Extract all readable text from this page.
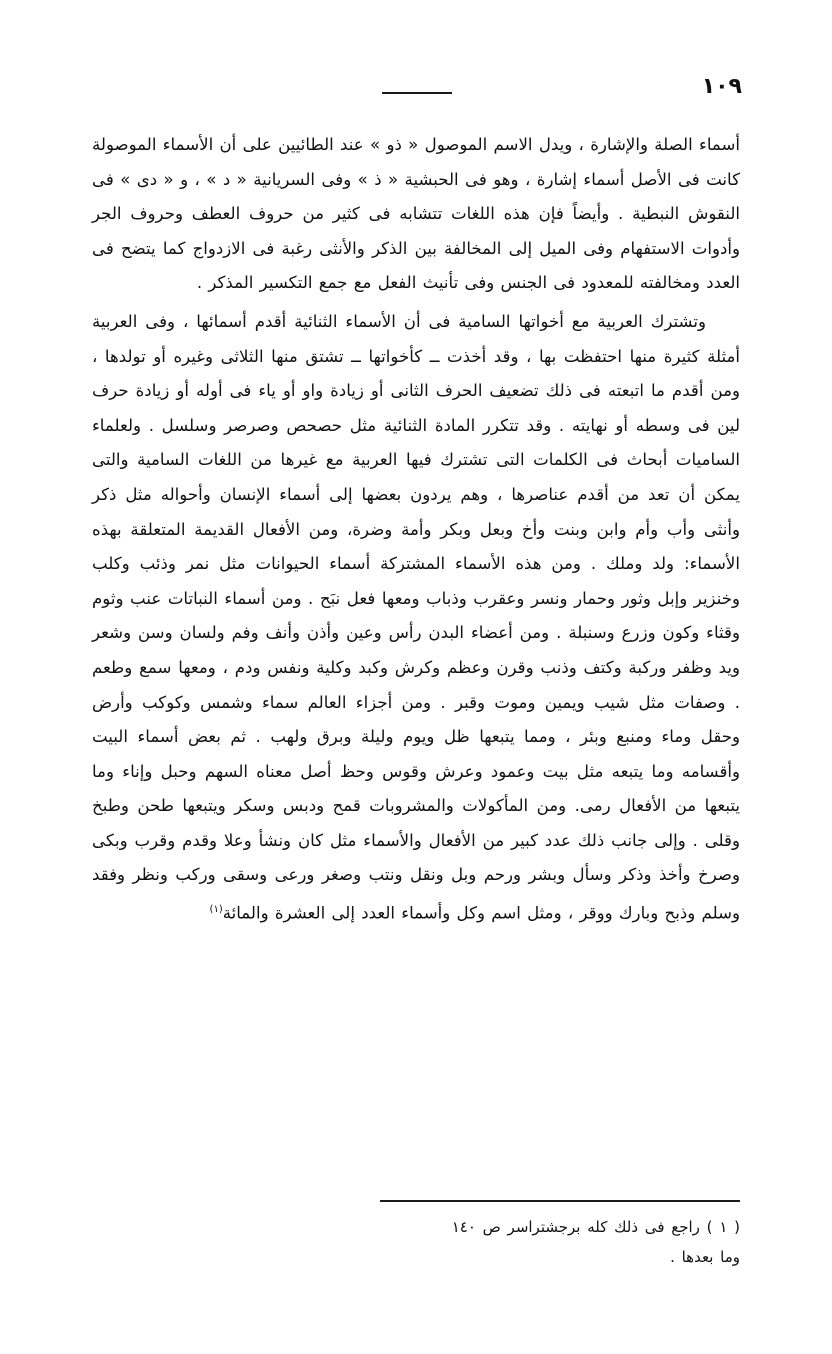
١٠٩

أسماء الصلة والإشارة ، ويدل الاسم الموصول « ذو » عند الطائيين على أن الأسماء الموصولة كانت فى الأصل أسماء إشارة ، وهو فى الحبشية « ذ » وفى السريانية « د » ، و « دى » فى النقوش النبطية . وأيضاً فإن هذه اللغات تتشابه فى كثير من حروف العطف وحروف الجر وأدوات الاستفهام وفى الميل إلى المخالفة بين الذكر والأنثى رغبة فى الازدواج كما يتضح فى العدد ومخالفته للمعدود فى الجنس وفى تأنيث الفعل مع جمع التكسير المذكر .

وتشترك العربية مع أخواتها السامية فى أن الأسماء الثنائية أقدم أسمائها ، وفى العربية أمثلة كثيرة منها احتفظت بها ، وقد أخذت ــ كأخواتها ــ تشتق منها الثلاثى وغيره أو تولدها ، ومن أقدم ما اتبعته فى ذلك تضعيف الحرف الثانى أو زيادة واو أو ياء فى أوله أو زيادة حرف لين فى وسطه أو نهايته . وقد تتكرر المادة الثنائية مثل حصحص وصرصر وسلسل . ولعلماء الساميات أبحاث فى الكلمات التى تشترك فيها العربية مع غيرها من اللغات السامية والتى يمكن أن تعد من أقدم عناصرها ، وهم يردون بعضها إلى أسماء الإنسان وأحواله مثل ذكر وأنثى وأب وأم وابن وبنت وأخ وبعل وبكر وأمة وضرة، ومن الأفعال القديمة المتعلقة بهذه الأسماء: ولد وملك . ومن هذه الأسماء المشتركة أسماء الحيوانات مثل نمر وذئب وكلب وخنزير وإبل وثور وحمار ونسر وعقرب وذباب ومعها فعل نبَح . ومن أسماء النباتات عنب وثوم وقثاء وكون وزرع وسنبلة . ومن أعضاء البدن رأس وعين وأذن وأنف وفم ولسان وسن وشعر ويد وظفر وركبة وكتف وذنب وقرن وعظم وكرش وكبد وكلية ونفس ودم ، ومعها سمع وطعم . وصفات مثل شيب ويمين وموت وقبر . ومن أجزاء العالم سماء وشمس وكوكب وأرض وحقل وماء ومنبع وبئر ، ومما يتبعها ظل ويوم وليلة وبرق ولهب . ثم بعض أسماء البيت وأقسامه وما يتبعه مثل بيت وعمود وعرش وقوس وحظ أصل معناه السهم وحبل وإناء وما يتبعها من الأفعال رمى. ومن المأكولات والمشروبات قمح ودبس وسكر ويتبعها طحن وطبخ وقلى . وإلى جانب ذلك عدد كبير من الأفعال والأسماء مثل كان ونشأ وعلا وقدم وقرب وبكى وصرخ وأخذ وذكر وسأل وبشر ورحم وبل ونقل ونتب وصغر ورعى وسقى وركب ونظر وفقد وسلم وذبح وبارك ووقر ، ومثل اسم وكل وأسماء العدد إلى العشرة والمائة$^{(١)}$

( ١ ) راجع فى ذلك كله برجشتراسر ص ١٤٠
وما بعدها .
